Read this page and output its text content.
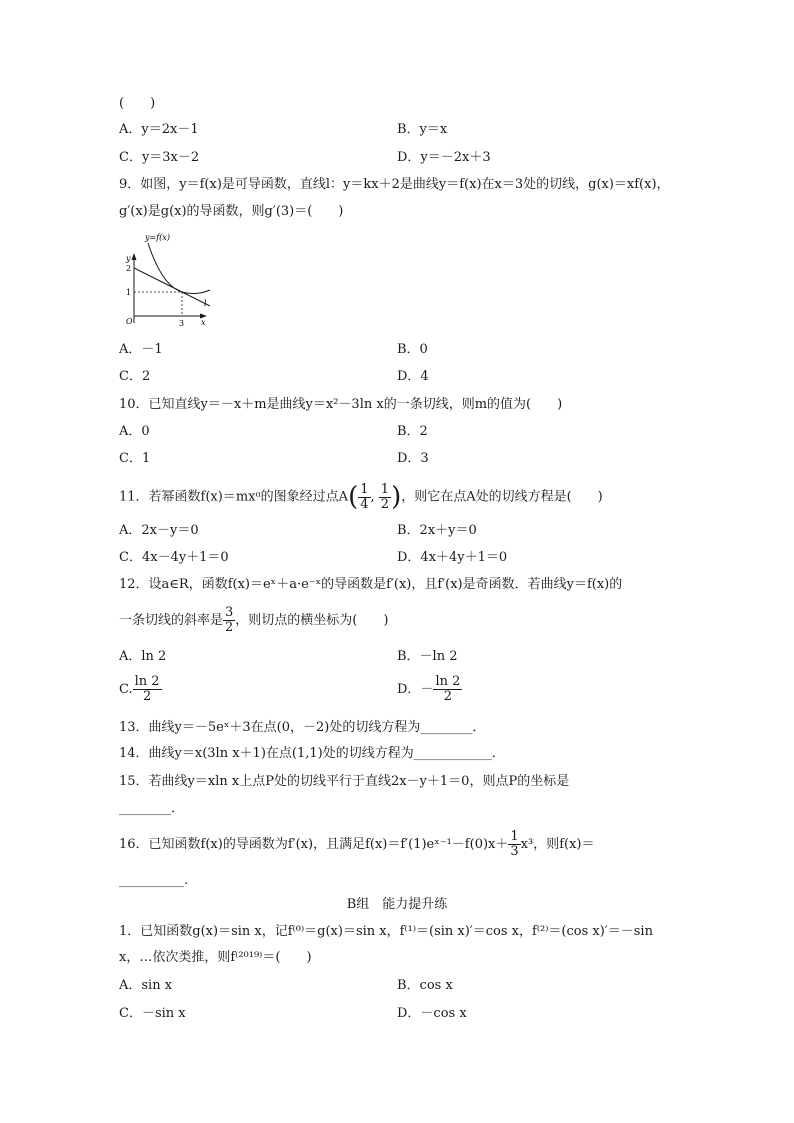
(　　)
A．y＝2x－1	B．y＝x
C．y＝3x－2	D．y＝－2x＋3
9．如图，y＝f(x)是可导函数，直线l：y＝kx＋2是曲线y＝f(x)在x＝3处的切线，g(x)＝xf(x)，
g′(x)是g(x)的导函数，则g′(3)＝(　　)
y=f(x)
y
2
1
O	3 x
l
A．－1	B．0
C．2	D．4
10．已知直线y＝－x＋m是曲线y＝x²－3ln x的一条切线，则m的值为(　　)
A．0	B．2
C．1	D．3
11．若幂函数f(x)＝mxᵅ的图象经过点$A( \frac{1}{4}$ , $\frac{1}{2}$ )，则它在点A处的切线方程是(　　)
A．2x－y＝0	B．2x＋y＝0
C．4x－4y＋1＝0	D．4x＋4y＋1＝0
12．设a∈R，函数f(x)＝eˣ＋a·e⁻ˣ的导函数是f′(x)，且f′(x)是奇函数．若曲线y＝f(x)的
一条切线的斜率是 $\frac{3}{2}$ ，则切点的横坐标为(　　)
A．ln 2	B．－ln 2
C. $\frac{\ln 2}{2}$	D．－ $\frac{\ln 2}{2}$
13．曲线y＝－5eˣ＋3在点(0，－2)处的切线方程为________．
14．曲线y＝x(3ln x＋1)在点(1,1)处的切线方程为____________．
15．若曲线y＝xln x上点P处的切线平行于直线2x－y＋1＝0，则点P的坐标是
________．
16．已知函数f(x)的导函数为f′(x)，且满足f(x)＝f′(1)eˣ⁻¹－f(0)x＋ $\frac{1}{3} x^3$，则f(x)＝
__________.
B组　能力提升练
1．已知函数g(x)＝sin x，记f⁽⁰⁾＝g(x)＝sin x，f⁽¹⁾＝(sin x)′＝cos x，f⁽²⁾＝(cos x)′＝－sin
x，…依次类推，则f⁽²⁰¹⁹⁾＝(　　)
A．sin x	B．cos x
C．－sin x	D．－cos x
